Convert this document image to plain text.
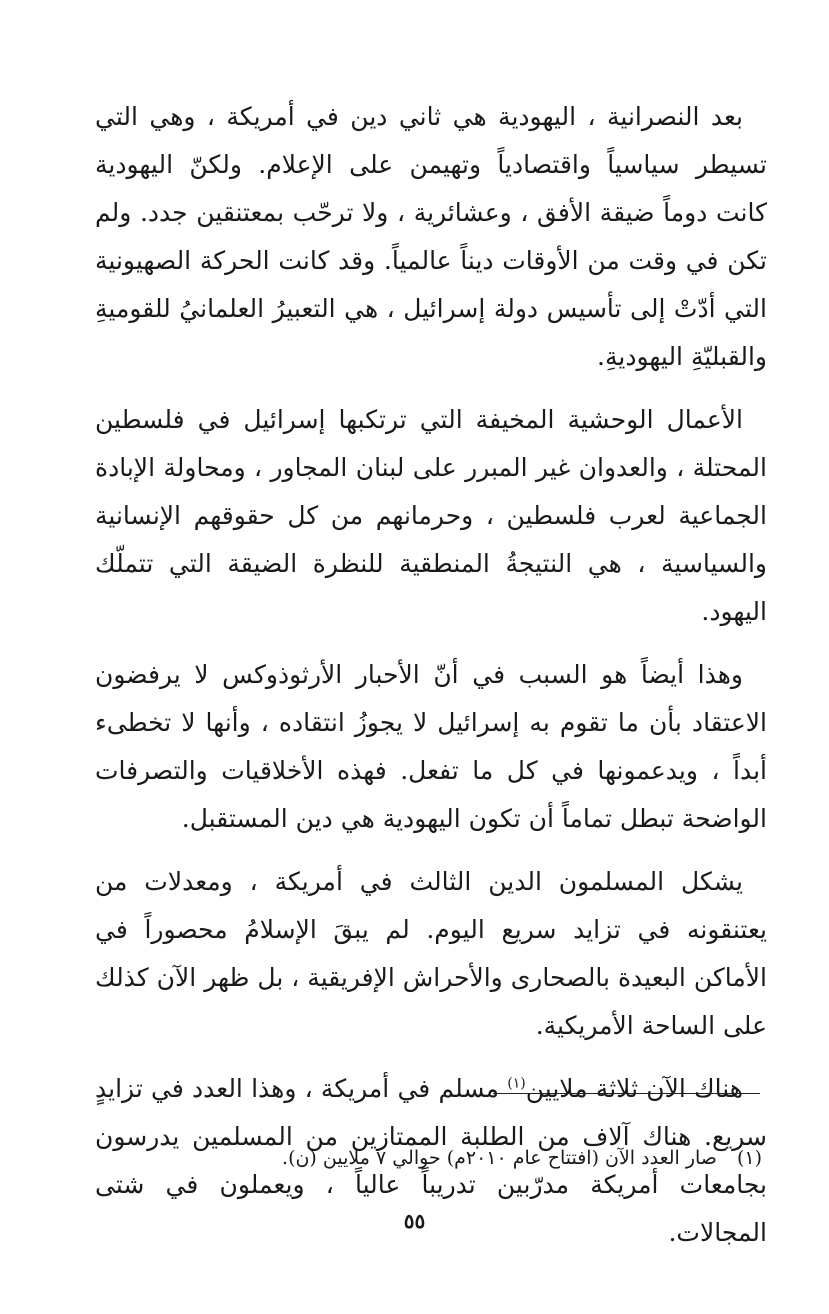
بعد النصرانية ، اليهودية هي ثاني دين في أمريكة ، وهي التي تسيطر سياسياً واقتصادياً وتهيمن على الإعلام. ولكنّ اليهودية كانت دوماً ضيقة الأفق ، وعشائرية ، ولا ترحّب بمعتنقين جدد. ولم تكن في وقت من الأوقات ديناً عالمياً. وقد كانت الحركة الصهيونية التي أدّتْ إلى تأسيس دولة إسرائيل ، هي التعبيرُ العلمانيُ للقوميةِ والقبليّةِ اليهوديةِ.

الأعمال الوحشية المخيفة التي ترتكبها إسرائيل في فلسطين المحتلة ، والعدوان غير المبرر على لبنان المجاور ، ومحاولة الإبادة الجماعية لعرب فلسطين ، وحرمانهم من كل حقوقهم الإنسانية والسياسية ، هي النتيجةُ المنطقية للنظرة الضيقة التي تتملّك اليهود.

وهذا أيضاً هو السبب في أنّ الأحبار الأرثوذوكس لا يرفضون الاعتقاد بأن ما تقوم به إسرائيل لا يجوزُ انتقاده ، وأنها لا تخطىء أبداً ، ويدعمونها في كل ما تفعل. فهذه الأخلاقيات والتصرفات الواضحة تبطل تماماً أن تكون اليهودية هي دين المستقبل.

يشكل المسلمون الدين الثالث في أمريكة ، ومعدلات من يعتنقونه في تزايد سريع اليوم. لم يبقَ الإسلامُ محصوراً في الأماكن البعيدة بالصحارى والأحراش الإفريقية ، بل ظهر الآن كذلك على الساحة الأمريكية.

هناك الآن ثلاثة ملايين$^{(١)}$ مسلم في أمريكة ، وهذا العدد في تزايدٍ سريع. هناك آلاف من الطلبة الممتازين من المسلمين يدرسون بجامعات أمريكة مدرّبين تدريباً عالياً ، ويعملون في شتى المجالات.

(١)صار العدد الآن (افتتاح عام ٢٠١٠م) حوالي ٧ ملايين (ن).
٥٥
